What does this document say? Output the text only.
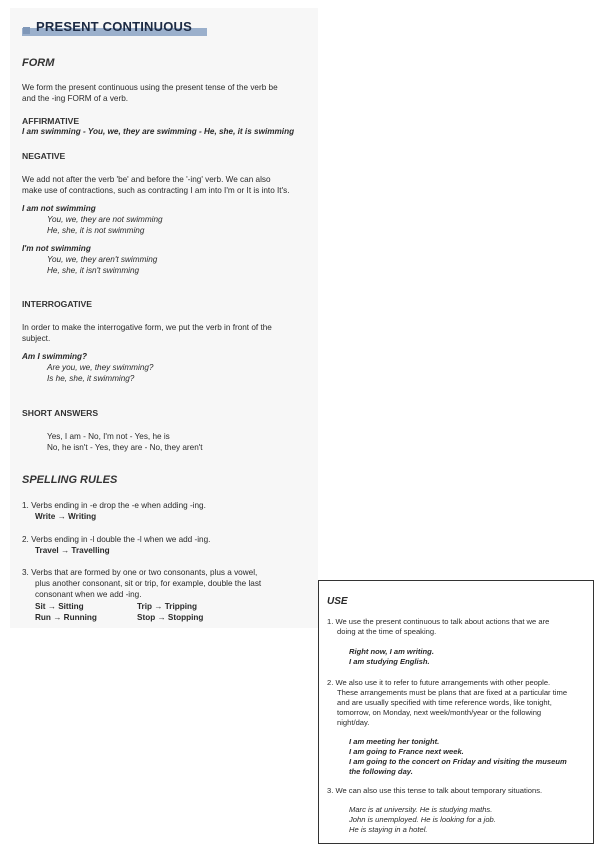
PRESENT CONTINUOUS
FORM
We form the present continuous using the present tense of the verb be
and the -ing FORM of a verb.
AFFIRMATIVE
I am swimming - You, we, they are swimming - He, she, it is swimming
NEGATIVE
We add not after the verb 'be' and before the '-ing' verb. We can also
make use of contractions, such as contracting I am into I'm or It is into It's.
I am not swimming
You, we, they are not swimming
He, she, it is not swimming
I'm not swimming
You, we, they aren't swimming
He, she, it isn't swimming
INTERROGATIVE
In order to make the interrogative form, we put the verb in front of the
subject.
Am I swimming?
Are you, we, they swimming?
Is he, she, it swimming?
SHORT ANSWERS
Yes, I am - No, I'm not - Yes, he is
No, he isn't - Yes, they are - No, they aren't
SPELLING RULES
1. Verbs ending in -e drop the -e when adding -ing.
Write → Writing
2. Verbs ending in -l double the -l when we add -ing.
Travel → Travelling
3. Verbs that are formed by one or two consonants, plus a vowel,
plus another consonant, sit or trip, for example, double the last
consonant when we add -ing.
Sit → Sitting	Trip → Tripping
Run → Running	Stop → Stopping
USE
1. We use the present continuous to talk about actions that we are
doing at the time of speaking.
Right now, I am writing.
I am studying English.
2. We also use it to refer to future arrangements with other people.
These arrangements must be plans that are fixed at a particular time
and are usually specified with time reference words, like tonight,
tomorrow, on Monday, next week/month/year or the following
night/day.
I am meeting her tonight.
I am going to France next week.
I am going to the concert on Friday and visiting the museum
the following day.
3. We can also use this tense to talk about temporary situations.
Marc is at university. He is studying maths.
John is unemployed. He is looking for a job.
He is staying in a hotel.
